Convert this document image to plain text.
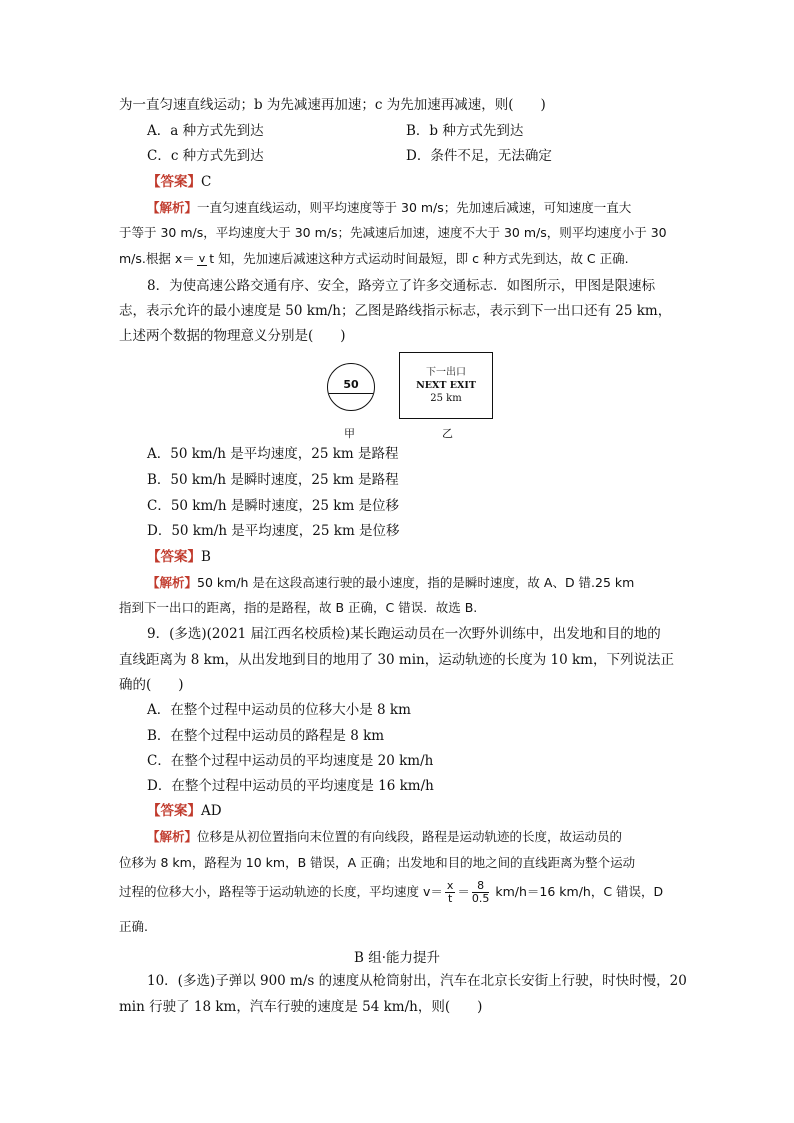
为一直匀速直线运动；b 为先减速再加速；c 为先加速再减速，则(　　)
A．a 种方式先到达	B．b 种方式先到达
C．c 种方式先到达	D．条件不足，无法确定
【答案】C
【解析】一直匀速直线运动，则平均速度等于 30 m/s；先加速后减速，可知速度一直大
于等于 30 m/s，平均速度大于 30 m/s；先减速后加速，速度不大于 30 m/s，则平均速度小于 30
m/s.根据 x＝ v t 知，先加速后减速这种方式运动时间最短，即 c 种方式先到达，故 C 正确.
8．为使高速公路交通有序、安全，路旁立了许多交通标志．如图所示，甲图是限速标
志，表示允许的最小速度是 50 km/h；乙图是路线指示标志，表示到下一出口还有 25 km，
上述两个数据的物理意义分别是(　　)
50
下一出口
NEXT EXIT
25 km
甲	乙
A．50 km/h 是平均速度，25 km 是路程
B．50 km/h 是瞬时速度，25 km 是路程
C．50 km/h 是瞬时速度，25 km 是位移
D．50 km/h 是平均速度，25 km 是位移
【答案】B
【解析】50 km/h 是在这段高速行驶的最小速度，指的是瞬时速度，故 A、D 错.25 km
指到下一出口的距离，指的是路程，故 B 正确，C 错误．故选 B.
9．(多选)(2021 届江西名校质检)某长跑运动员在一次野外训练中，出发地和目的地的
直线距离为 8 km，从出发地到目的地用了 30 min，运动轨迹的长度为 10 km，下列说法正
确的(　　)
A．在整个过程中运动员的位移大小是 8 km
B．在整个过程中运动员的路程是 8 km
C．在整个过程中运动员的平均速度是 20 km/h
D．在整个过程中运动员的平均速度是 16 km/h
【答案】AD
【解析】位移是从初位置指向末位置的有向线段，路程是运动轨迹的长度，故运动员的
位移为 8 km，路程为 10 km，B 错误，A 正确；出发地和目的地之间的直线距离为整个运动
过程的位移大小，路程等于运动轨迹的长度，平均速度 $v= \frac{x}{t} = \frac{8}{0.5} km/h=16$ km/h，C 错误，D
正确.
B 组·能力提升
10．(多选)子弹以 900 m/s 的速度从枪筒射出，汽车在北京长安街上行驶，时快时慢，20
min 行驶了 18 km，汽车行驶的速度是 54 km/h，则(　　)
